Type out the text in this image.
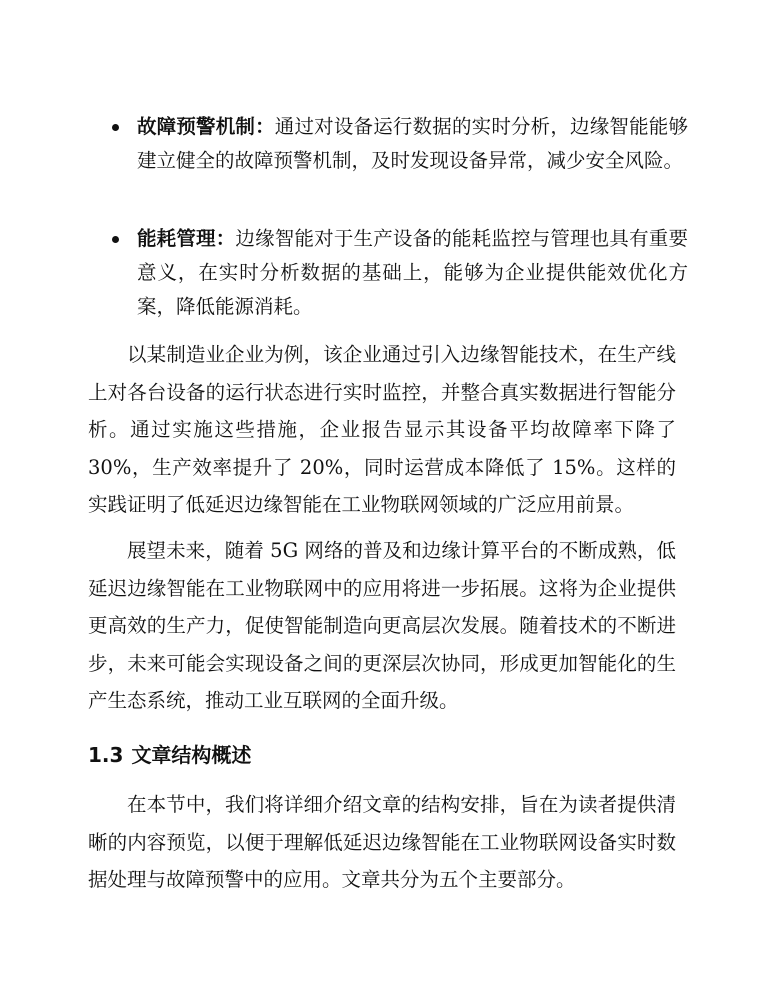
故障预警机制：通过对设备运行数据的实时分析，边缘智能能够建立健全的故障预警机制，及时发现设备异常，减少安全风险。
能耗管理：边缘智能对于生产设备的能耗监控与管理也具有重要意义，在实时分析数据的基础上，能够为企业提供能效优化方案，降低能源消耗。

以某制造业企业为例，该企业通过引入边缘智能技术，在生产线上对各台设备的运行状态进行实时监控，并整合真实数据进行智能分析。通过实施这些措施，企业报告显示其设备平均故障率下降了 30%，生产效率提升了 20%，同时运营成本降低了 15%。这样的实践证明了低延迟边缘智能在工业物联网领域的广泛应用前景。

展望未来，随着 5G 网络的普及和边缘计算平台的不断成熟，低延迟边缘智能在工业物联网中的应用将进一步拓展。这将为企业提供更高效的生产力，促使智能制造向更高层次发展。随着技术的不断进步，未来可能会实现设备之间的更深层次协同，形成更加智能化的生产生态系统，推动工业互联网的全面升级。

1.3 文章结构概述

在本节中，我们将详细介绍文章的结构安排，旨在为读者提供清晰的内容预览，以便于理解低延迟边缘智能在工业物联网设备实时数据处理与故障预警中的应用。文章共分为五个主要部分。
